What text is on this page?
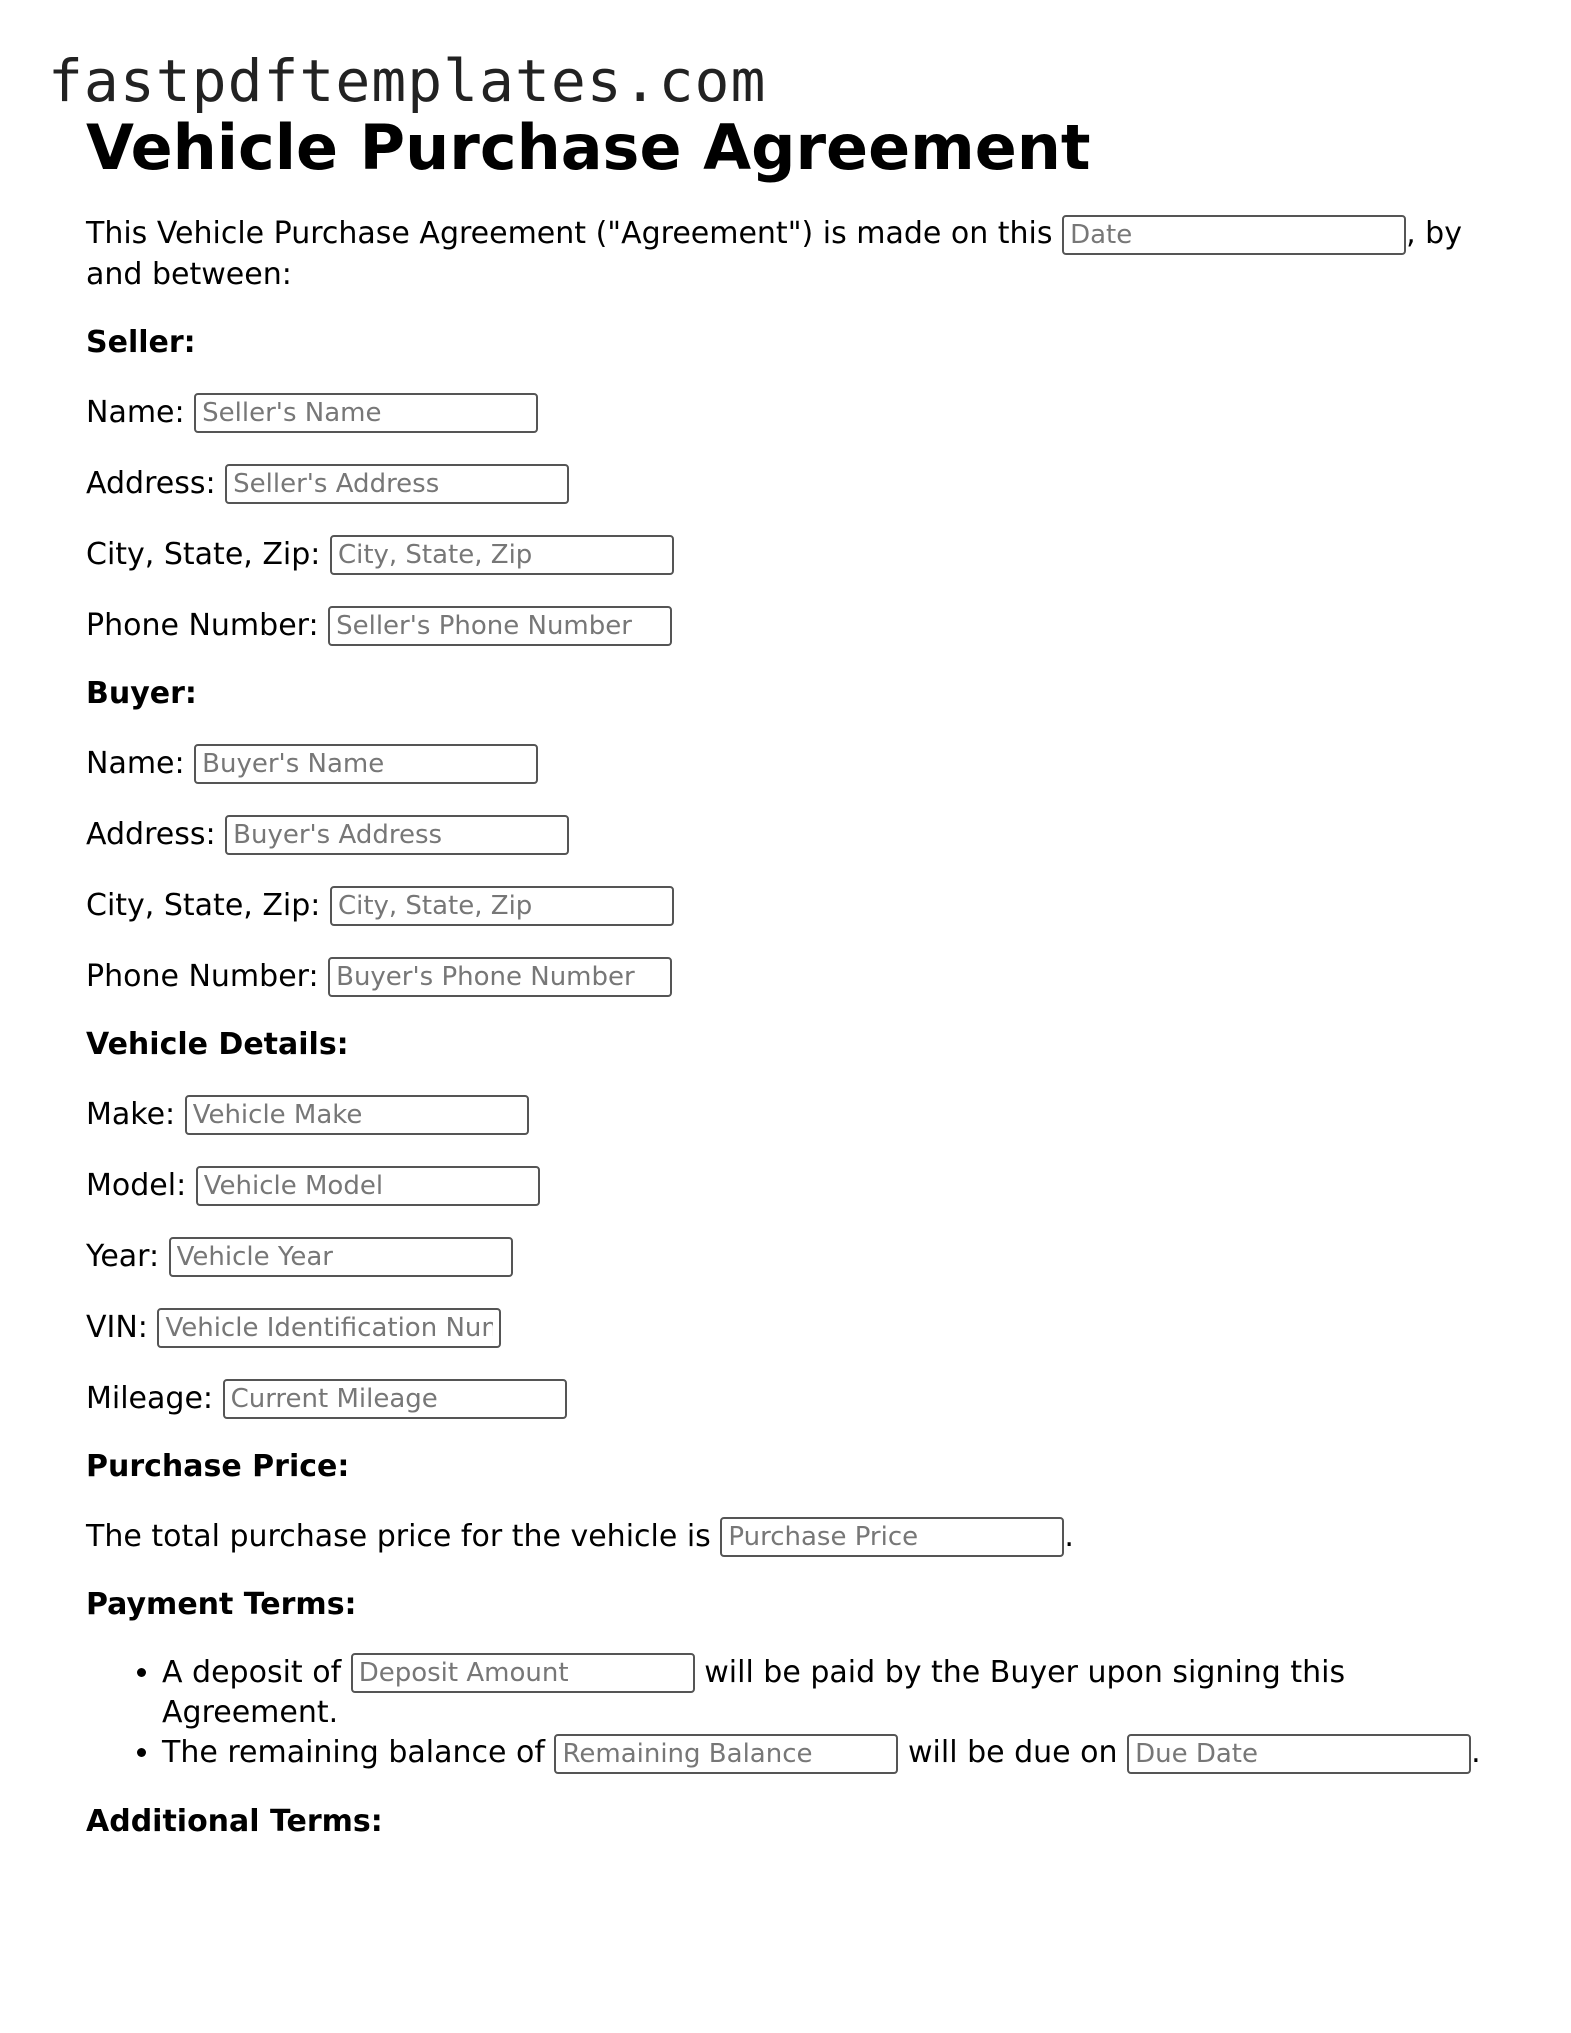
fastpdftemplates.com
Vehicle Purchase Agreement

This Vehicle Purchase Agreement ("Agreement") is made on this Date	, by and between:

Seller:

Name: Seller's Name

Address: Seller's Address

City, State, Zip: City, State, Zip

Phone Number: Seller's Phone Number

Buyer:

Name: Buyer's Name

Address: Buyer's Address

City, State, Zip: City, State, Zip

Phone Number: Buyer's Phone Number

Vehicle Details:

Make: Vehicle Make

Model: Vehicle Model

Year: Vehicle Year

VIN: Vehicle Identification Num

Mileage: Current Mileage

Purchase Price:

The total purchase price for the vehicle is Purchase Price	.

Payment Terms:

• A deposit of Deposit Amount	will be paid by the Buyer upon signing this Agreement.
• The remaining balance of Remaining Balance	will be due on Due Date	.

Additional Terms:
